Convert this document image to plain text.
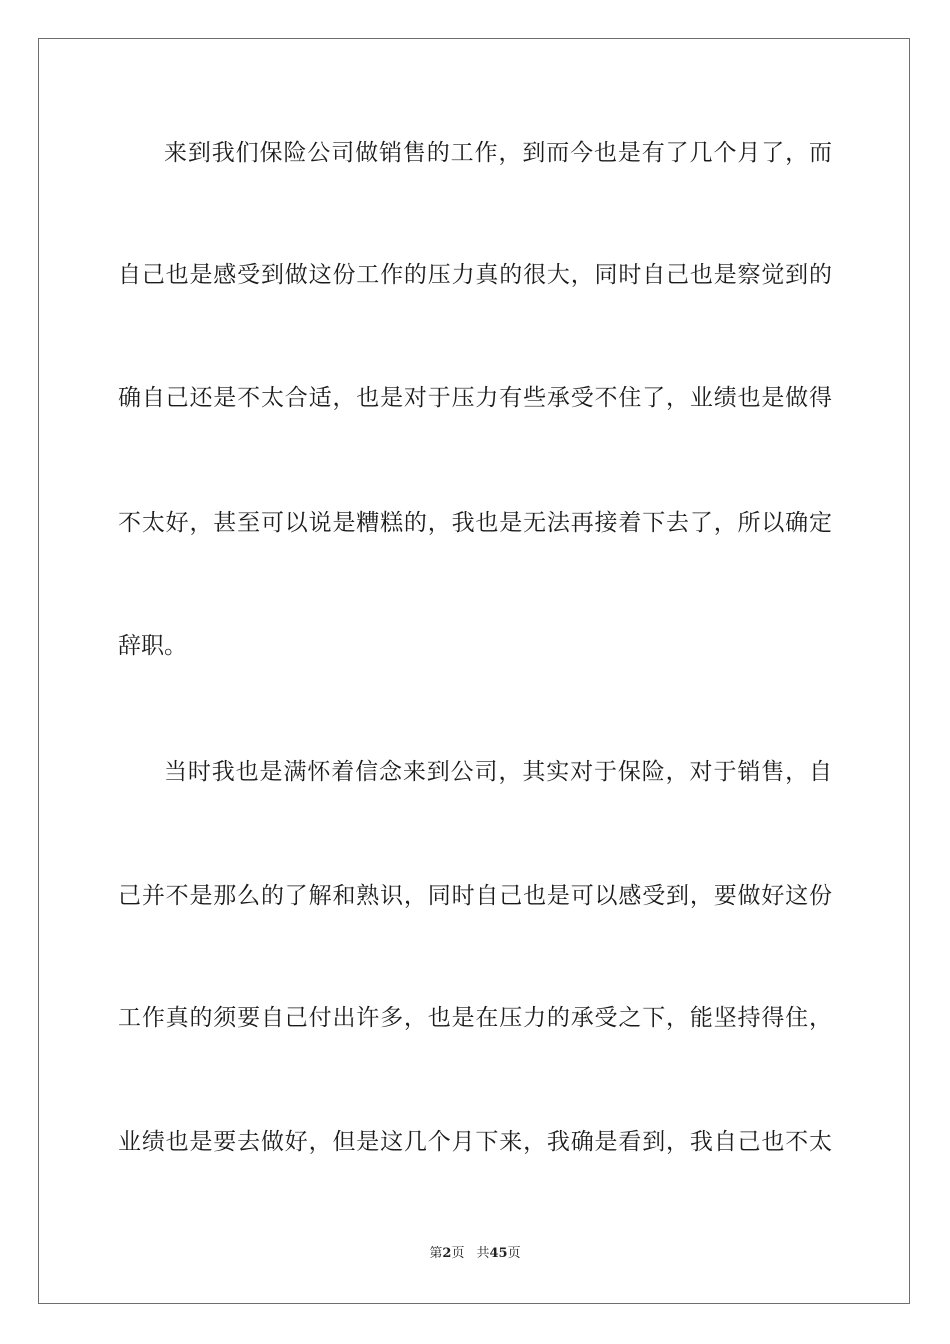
来到我们保险公司做销售的工作，到而今也是有了几个月了，而
自己也是感受到做这份工作的压力真的很大，同时自己也是察觉到的
确自己还是不太合适，也是对于压力有些承受不住了，业绩也是做得
不太好，甚至可以说是糟糕的，我也是无法再接着下去了，所以确定
辞职。
当时我也是满怀着信念来到公司，其实对于保险，对于销售，自
己并不是那么的了解和熟识，同时自己也是可以感受到，要做好这份
工作真的须要自己付出许多，也是在压力的承受之下，能坚持得住，
业绩也是要去做好，但是这几个月下来，我确是看到，我自己也不太
第2页 共45页
